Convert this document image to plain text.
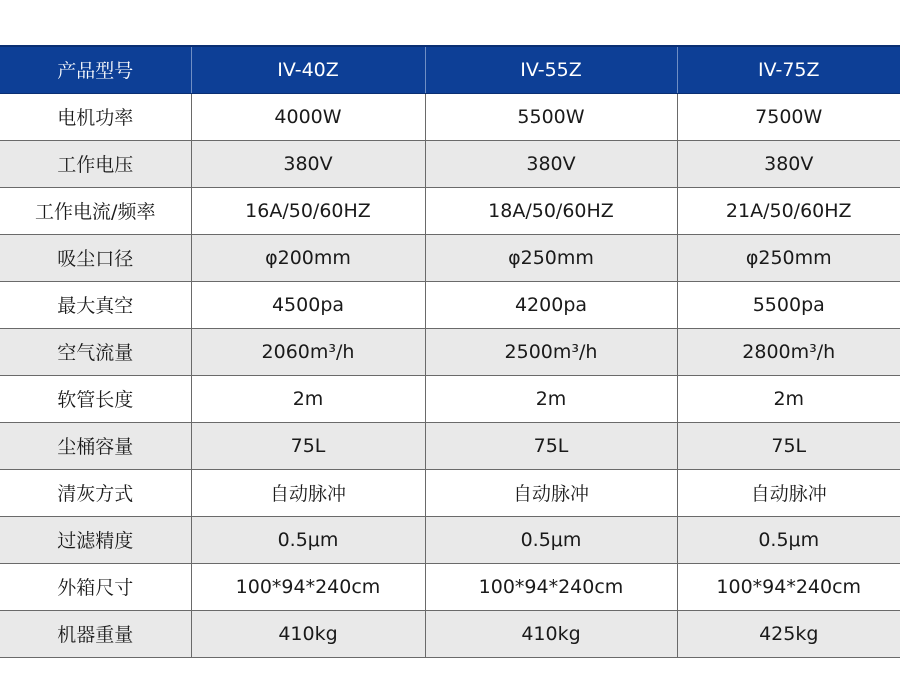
产品型号	IV-40Z	IV-55Z	IV-75Z
电机功率	4000W	5500W	7500W
工作电压	380V	380V	380V
工作电流/频率	16A/50/60HZ	18A/50/60HZ	21A/50/60HZ
吸尘口径	φ200mm	φ250mm	φ250mm
最大真空	4500pa	4200pa	5500pa
空气流量	2060m³/h	2500m³/h	2800m³/h
软管长度	2m	2m	2m
尘桶容量	75L	75L	75L
清灰方式	自动脉冲	自动脉冲	自动脉冲
过滤精度	0.5μm	0.5μm	0.5μm
外箱尺寸	100*94*240cm	100*94*240cm	100*94*240cm
机器重量	410kg	410kg	425kg
